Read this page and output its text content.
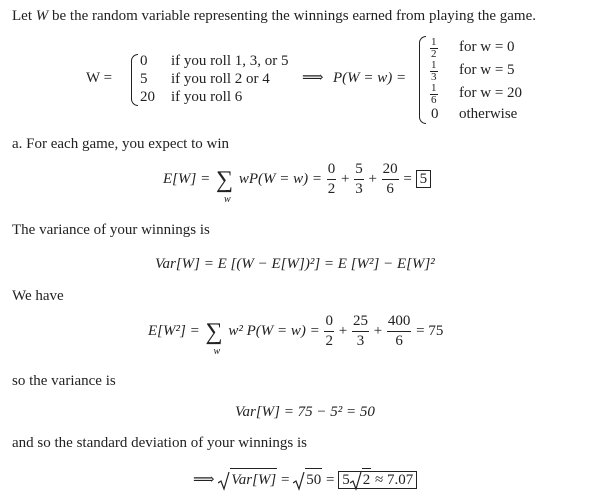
Let W be the random variable representing the winnings earned from playing the game.
W =
0 if you roll 1, 3, or 5
5 if you roll 2 or 4
20 if you roll 6
⟹ P(W = w) =
$\frac{1}{2}$ for w = 0
$\frac{1}{3}$ for w = 5
$\frac{1}{6}$ for w = 20
0 otherwise
a. For each game, you expect to win
E[W] = ∑
w
$wP(W = w) = \frac{0}{2} + \frac{5}{3} + \frac{20}{6} = 5$
The variance of your winnings is
Var[W] = E [(W − E[W])²] = E [W²] − E[W]²
We have
E[W²] = ∑
w
w² $P(W = w) = \frac{0}{2} + \frac{25}{3} + \frac{400}{6} = 75$
so the variance is
Var[W] = 75 − 5² = 50
and so the standard deviation of your winnings is
⟹ Var[W] = 50 = 5 2 ≈ 7.07
